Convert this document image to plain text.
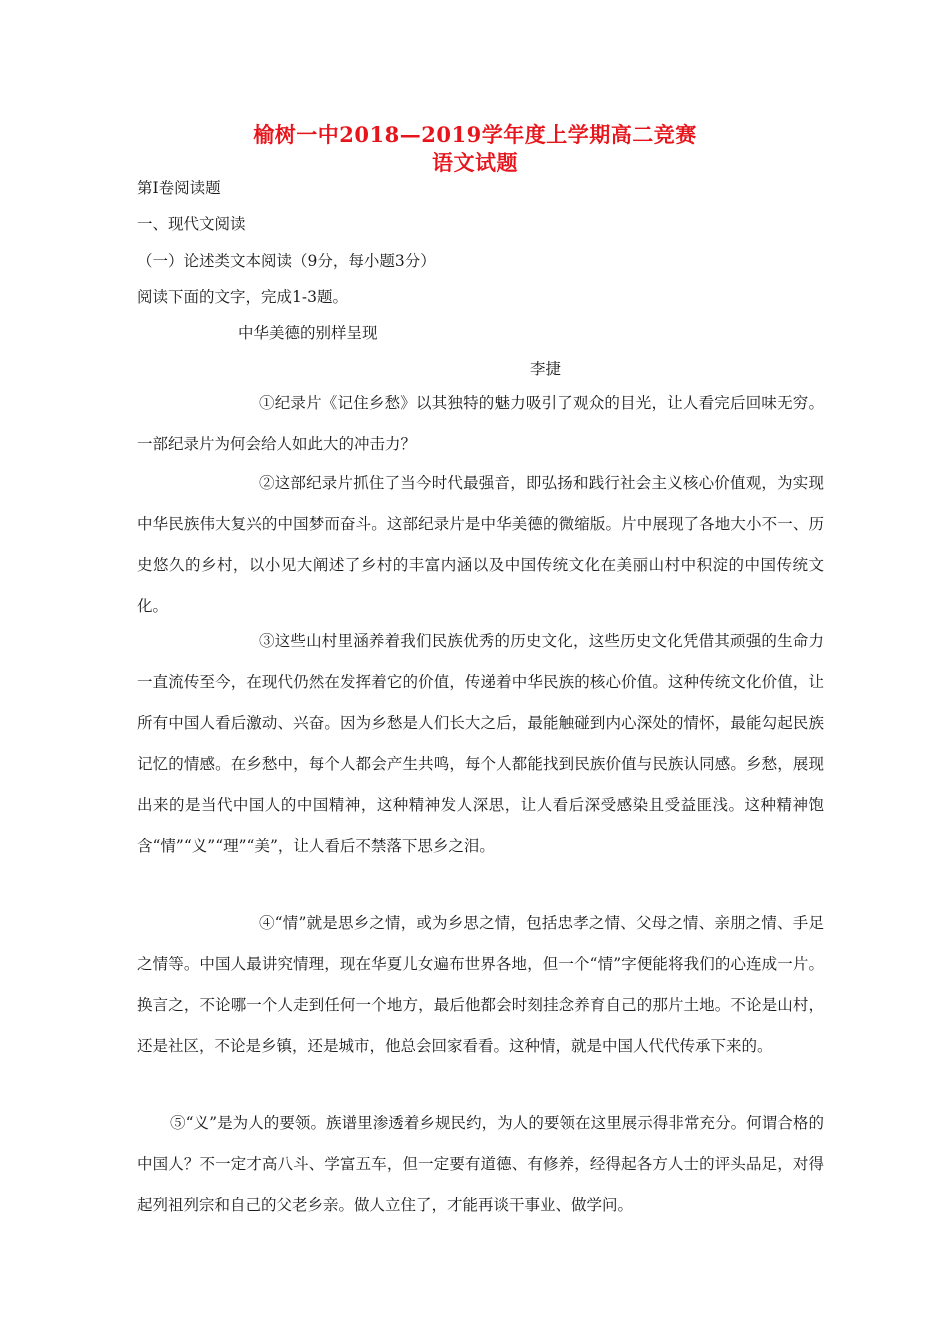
榆树一中2018—2019学年度上学期高二竞赛
语文试题
第Ⅰ卷阅读题
一、现代文阅读
（一）论述类文本阅读（9分，每小题3分）
阅读下面的文字，完成1-3题。
中华美德的别样呈现
李捷

①纪录片《记住乡愁》以其独特的魅力吸引了观众的目光，让人看完后回味无穷。一部纪录片为何会给人如此大的冲击力？

②这部纪录片抓住了当今时代最强音，即弘扬和践行社会主义核心价值观，为实现中华民族伟大复兴的中国梦而奋斗。这部纪录片是中华美德的微缩版。片中展现了各地大小不一、历史悠久的乡村，以小见大阐述了乡村的丰富内涵以及中国传统文化在美丽山村中积淀的中国传统文化。

③这些山村里涵养着我们民族优秀的历史文化，这些历史文化凭借其顽强的生命力一直流传至今，在现代仍然在发挥着它的价值，传递着中华民族的核心价值。这种传统文化价值，让所有中国人看后激动、兴奋。因为乡愁是人们长大之后，最能触碰到内心深处的情怀，最能勾起民族记忆的情感。在乡愁中，每个人都会产生共鸣，每个人都能找到民族价值与民族认同感。乡愁，展现出来的是当代中国人的中国精神，这种精神发人深思，让人看后深受感染且受益匪浅。这种精神饱含“情”“义”“理”“美”，让人看后不禁落下思乡之泪。

④“情”就是思乡之情，或为乡思之情，包括忠孝之情、父母之情、亲朋之情、手足之情等。中国人最讲究情理，现在华夏儿女遍布世界各地，但一个“情”字便能将我们的心连成一片。换言之，不论哪一个人走到任何一个地方，最后他都会时刻挂念养育自己的那片土地。不论是山村，还是社区，不论是乡镇，还是城市，他总会回家看看。这种情，就是中国人代代传承下来的。

⑤“义”是为人的要领。族谱里渗透着乡规民约，为人的要领在这里展示得非常充分。何谓合格的中国人？不一定才高八斗、学富五车，但一定要有道德、有修养，经得起各方人士的评头品足，对得起列祖列宗和自己的父老乡亲。做人立住了，才能再谈干事业、做学问。
